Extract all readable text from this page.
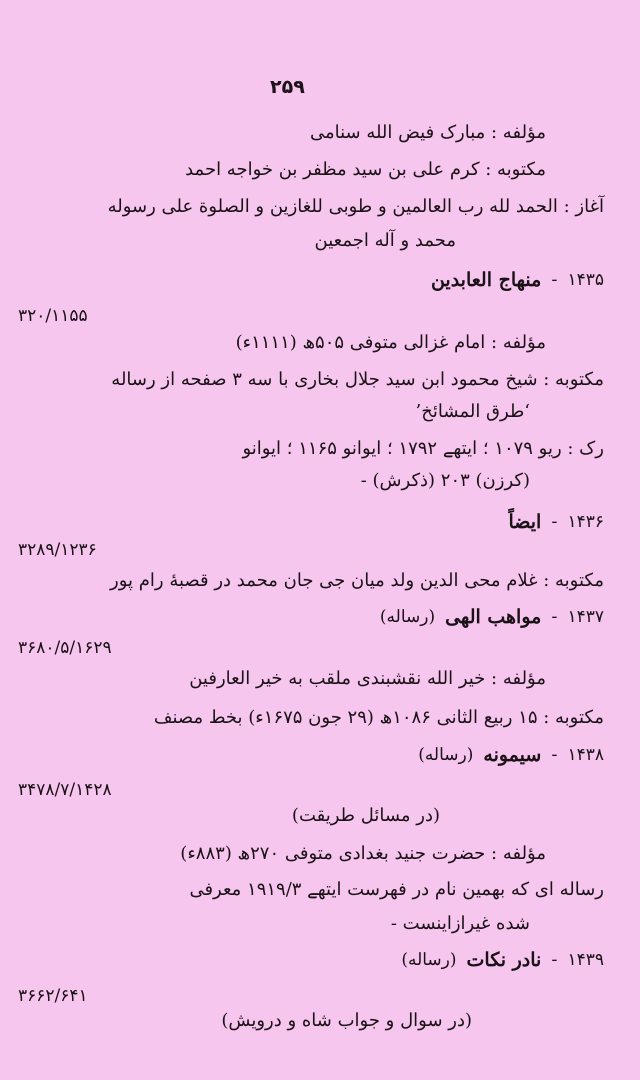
۲۵۹
مؤلفه : مبارک فیض الله سنامی
مکتوبه : کرم علی بن سید مظفر بن خواجه احمد
آغاز : الحمد لله رب العالمین و طوبی للغازین و الصلوة علی رسوله
محمد و آله اجمعین
۱۴۳۵
-
منهاج العابدین
۳۲۰/۱۱۵۵
مؤلفه : امام غزالی متوفی ۵۰۵ھ (۱۱۱۱ء)
مکتوبه : شیخ محمود ابن سید جلال بخاری با سه ۳ صفحه از رساله
‘طرق المشائخ’
رک : ریو ۱۰۷۹ ؛ ایتهے ۱۷۹۲ ؛ ایوانو ۱۱۶۵ ؛ ایوانو
(کرزن) ۲۰۳ (ذکرش) -
۱۴۳۶
-
ایضاً
۳۲۸۹/۱۲۳۶
مکتوبه : غلام محی الدین ولد میان جی جان محمد در قصبهٔ رام پور
۱۴۳۷
-
مواهب الهی
(رساله)
۳۶۸۰/۵/۱۶۲۹
مؤلفه : خیر الله نقشبندی ملقب به خیر العارفین
مکتوبه : ۱۵ ربیع الثانی ۱۰۸۶ھ (۲۹ جون ۱۶۷۵ء) بخط مصنف
۱۴۳۸
-
سیمونه
(رساله)
۳۴۷۸/۷/۱۴۲۸
(در مسائل طریقت)
مؤلفه : حضرت جنید بغدادی متوفی ۲۷۰ھ (۸۸۳ء)
رساله ای که بهمین نام در فهرست ایتهے ۱۹۱۹/۳ معرفی
شده غیرازاینست -
۱۴۳۹
-
نادر نکات
(رساله)
۳۶۶۲/۶۴۱
(در سوال و جواب شاه و درویش)
